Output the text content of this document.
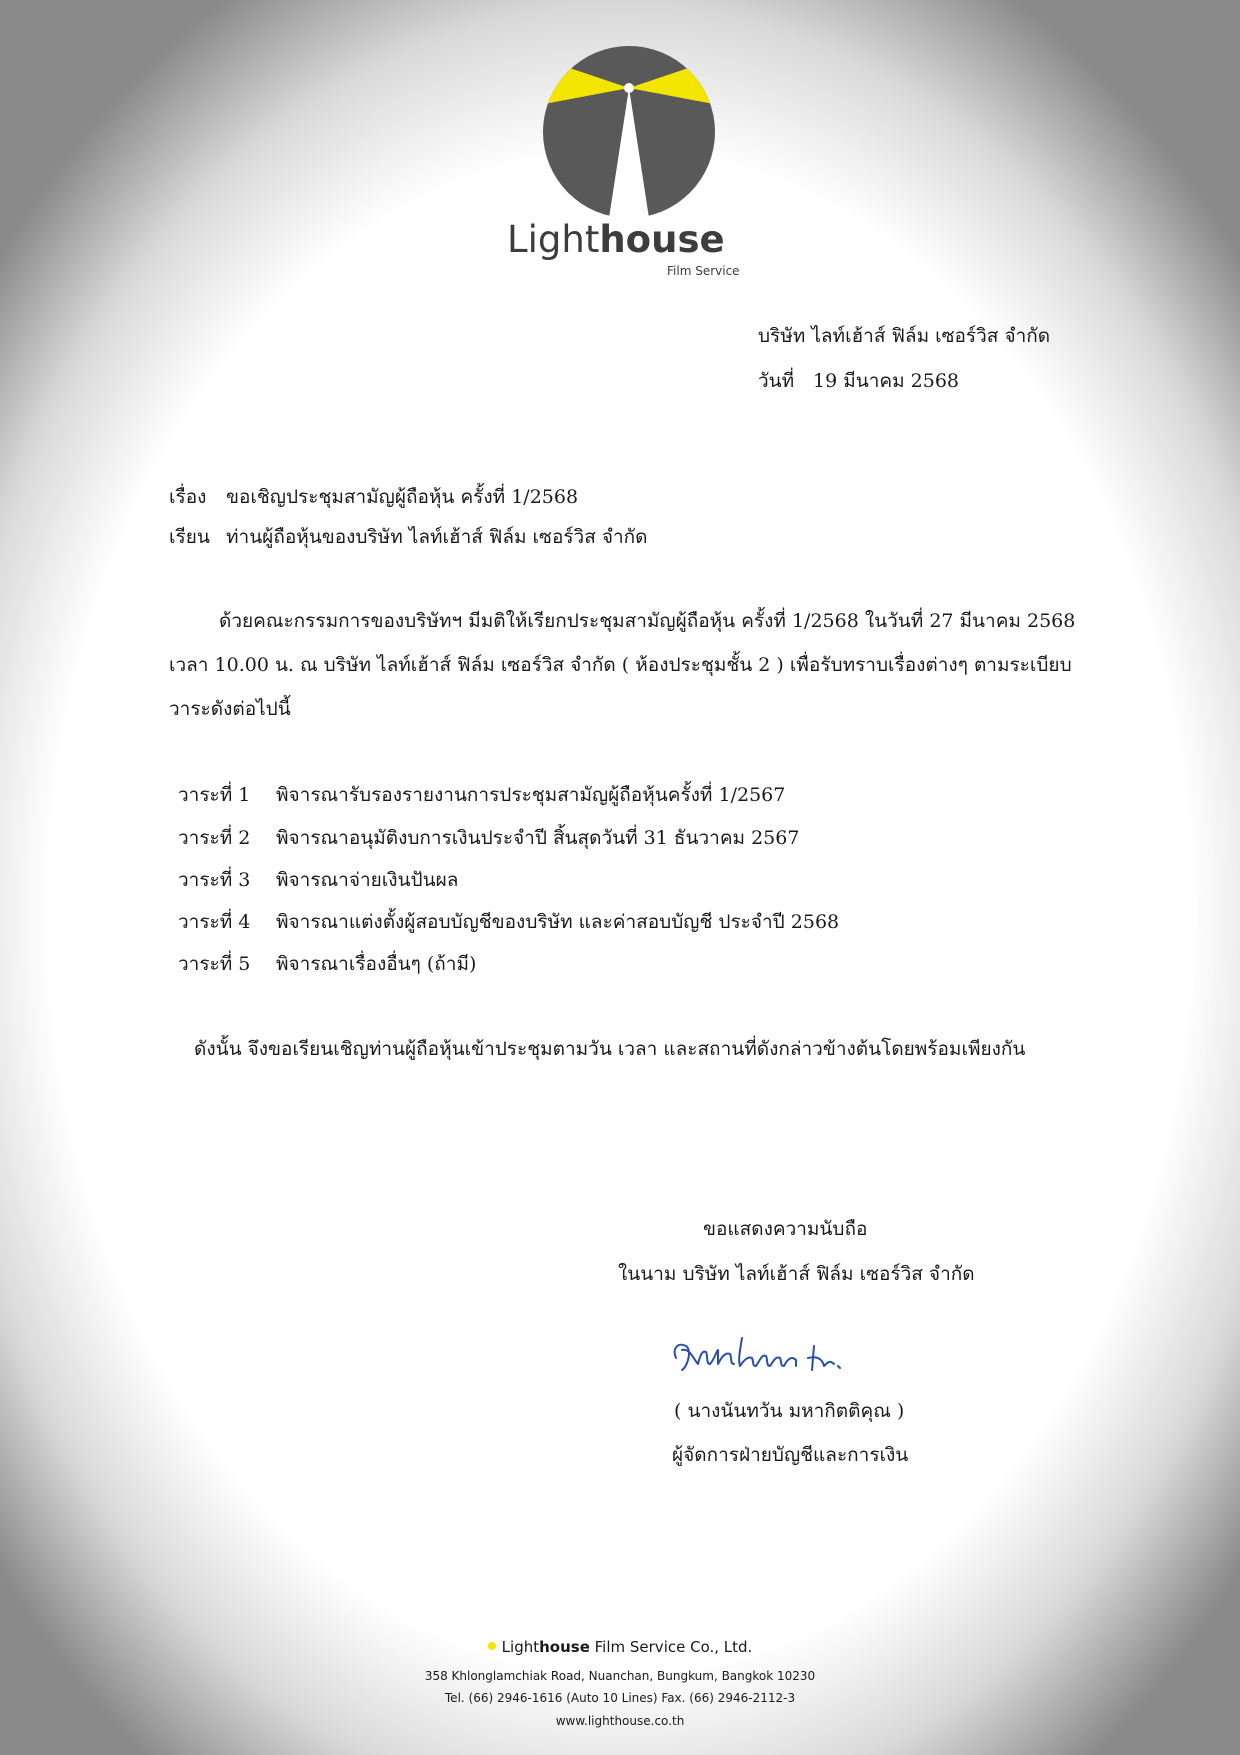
Lighthouse
Film Service
บริษัท ไลท์เฮ้าส์ ฟิล์ม เซอร์วิส จำกัด
วันที่ 19 มีนาคม 2568
เรื่อง ขอเชิญประชุมสามัญผู้ถือหุ้น ครั้งที่ 1/2568
เรียน ท่านผู้ถือหุ้นของบริษัท ไลท์เฮ้าส์ ฟิล์ม เซอร์วิส จำกัด
ด้วยคณะกรรมการของบริษัทฯ มีมติให้เรียกประชุมสามัญผู้ถือหุ้น ครั้งที่ 1/2568 ในวันที่ 27 มีนาคม 2568
เวลา 10.00 น. ณ บริษัท ไลท์เฮ้าส์ ฟิล์ม เซอร์วิส จำกัด ( ห้องประชุมชั้น 2 ) เพื่อรับทราบเรื่องต่างๆ ตามระเบียบ
วาระดังต่อไปนี้
วาระที่ 1 พิจารณารับรองรายงานการประชุมสามัญผู้ถือหุ้นครั้งที่ 1/2567
วาระที่ 2 พิจารณาอนุมัติงบการเงินประจำปี สิ้นสุดวันที่ 31 ธันวาคม 2567
วาระที่ 3 พิจารณาจ่ายเงินปันผล
วาระที่ 4 พิจารณาแต่งตั้งผู้สอบบัญชีของบริษัท และค่าสอบบัญชี ประจำปี 2568
วาระที่ 5 พิจารณาเรื่องอื่นๆ (ถ้ามี)
ดังนั้น จึงขอเรียนเชิญท่านผู้ถือหุ้นเข้าประชุมตามวัน เวลา และสถานที่ดังกล่าวข้างต้นโดยพร้อมเพียงกัน
ขอแสดงความนับถือ
ในนาม บริษัท ไลท์เฮ้าส์ ฟิล์ม เซอร์วิส จำกัด
( นางนันทวัน มหากิตติคุณ )
ผู้จัดการฝ่ายบัญชีและการเงิน
Lighthouse Film Service Co., Ltd.
358 Khlonglamchiak Road, Nuanchan, Bungkum, Bangkok 10230
Tel. (66) 2946-1616 (Auto 10 Lines) Fax. (66) 2946-2112-3
www.lighthouse.co.th
